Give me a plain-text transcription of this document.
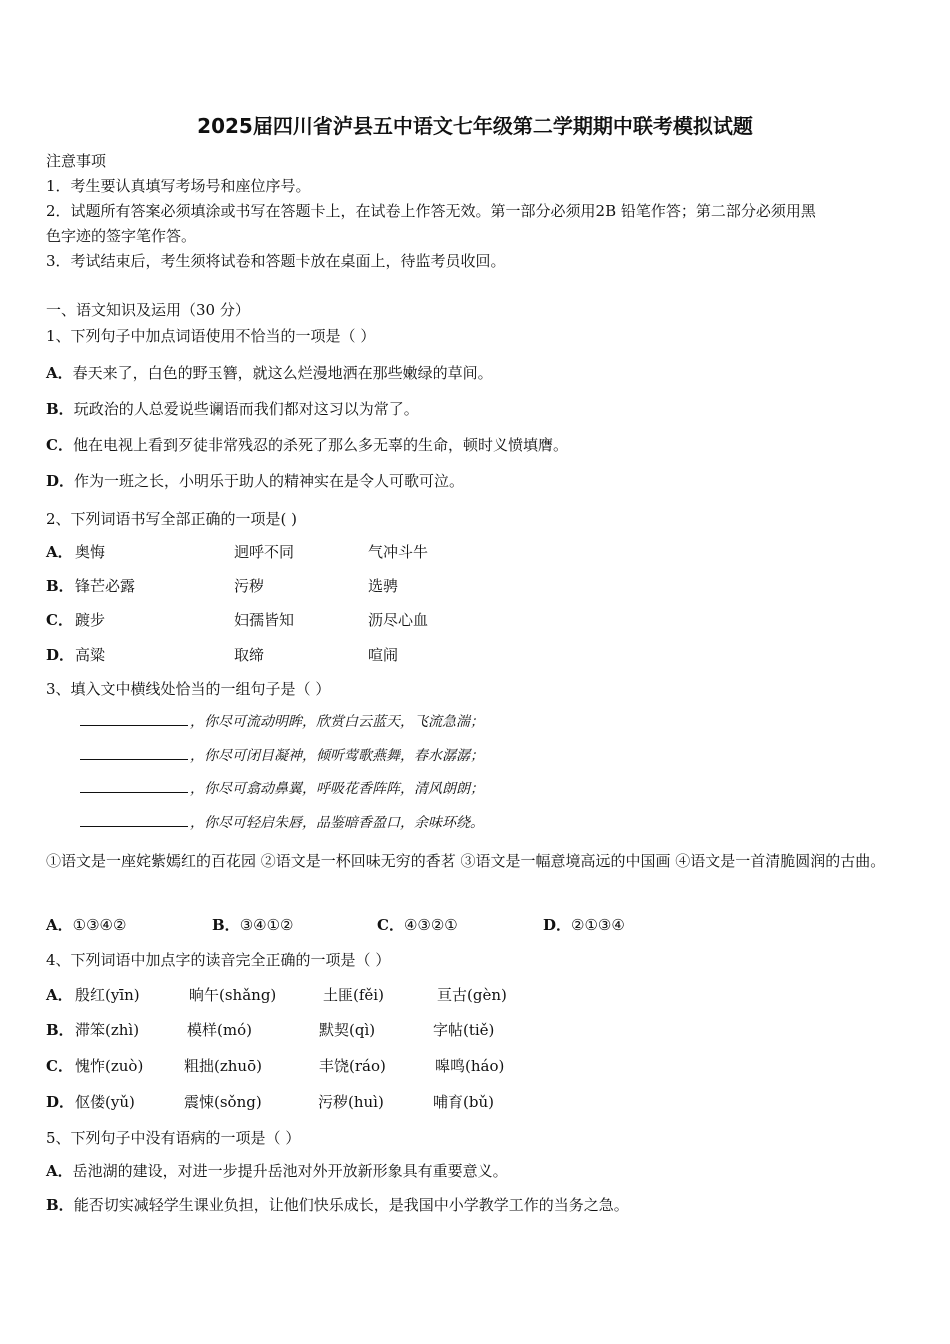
2025届四川省泸县五中语文七年级第二学期期中联考模拟试题
注意事项
1．考生要认真填写考场号和座位序号。
2．试题所有答案必须填涂或书写在答题卡上，在试卷上作答无效。第一部分必须用2B 铅笔作答；第二部分必须用黑
色字迹的签字笔作答。
3．考试结束后，考生须将试卷和答题卡放在桌面上，待监考员收回。
一、语文知识及运用（30 分）
1、下列句子中加点词语使用不恰当的一项是（ ）
A．春天来了，白色的野玉簪，就这么烂漫地洒在那些嫩绿的草间。
B．玩政治的人总爱说些谰语而我们都对这习以为常了。
C．他在电视上看到歹徒非常残忍的杀死了那么多无辜的生命，顿时义愤填膺。
D．作为一班之长，小明乐于助人的精神实在是令人可歌可泣。
2、下列词语书写全部正确的一项是( )
A． 奥悔	迥呼不同	气冲斗牛
B． 锋芒必露	污秽	选骋
C． 踱步	妇孺皆知	沥尽心血
D． 高粱	取缔	喧闹
3、填入文中横线处恰当的一组句子是（ ）
，你尽可流动明眸，欣赏白云蓝天，飞流急湍；
，你尽可闭目凝神，倾听莺歌燕舞，春水潺潺；
，你尽可翕动鼻翼，呼吸花香阵阵，清风朗朗；
，你尽可轻启朱唇，品鉴暗香盈口，余味环绕。
①语文是一座姹紫嫣红的百花园 ②语文是一杯回味无穷的香茗 ③语文是一幅意境高远的中国画 ④语文是一首清脆圆润的古曲。
A．①③④②	B．③④①②	C．④③②①	D．②①③④
4、下列词语中加点字的读音完全正确的一项是（ ）
A． 殷红(yīn)	晌午(shǎng)	土匪(fěi)	亘古(gèn)
B． 滞笨(zhì)	模样(mó)	默契(qì)	字帖(tiě)
C． 愧怍(zuò)	粗拙(zhuō)	丰饶(ráo)	嗥鸣(háo)
D． 伛偻(yǔ)	震悚(sǒng)	污秽(huì)	哺育(bǔ)
5、下列句子中没有语病的一项是（ ）
A．岳池湖的建设，对进一步提升岳池对外开放新形象具有重要意义。
B．能否切实减轻学生课业负担，让他们快乐成长，是我国中小学教学工作的当务之急。
